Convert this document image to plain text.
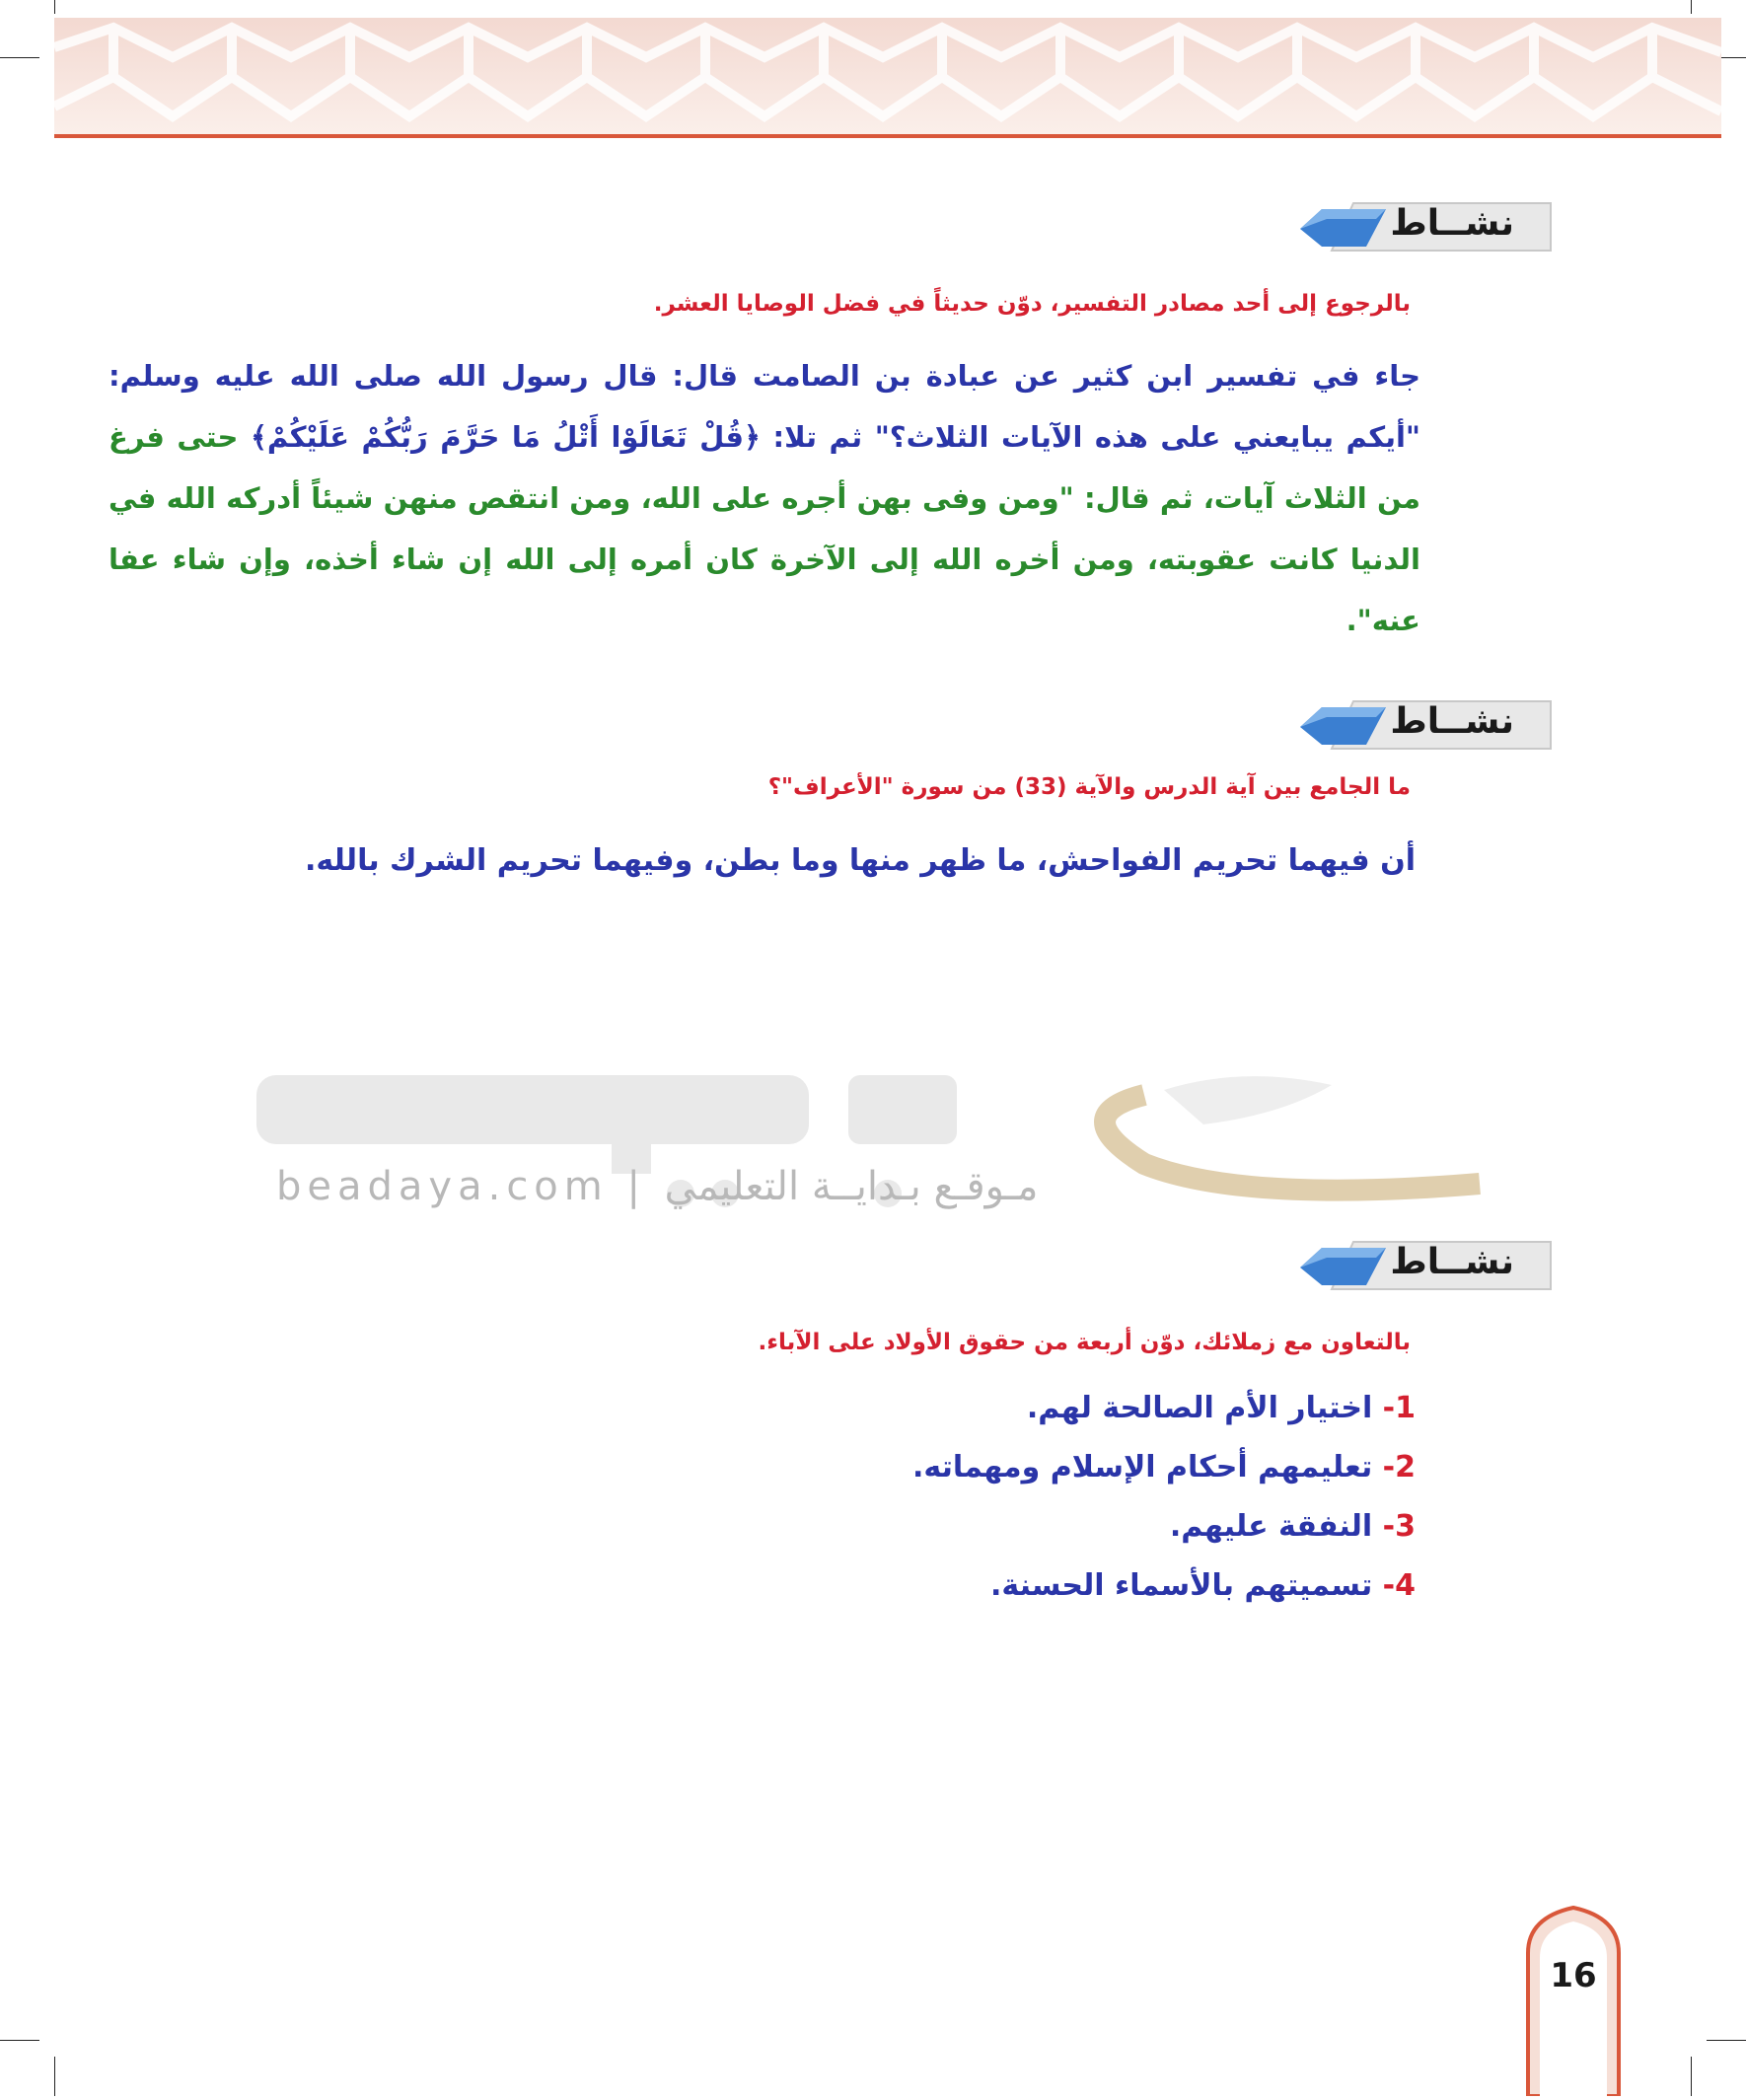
نشــاط
بالرجوع إلى أحد مصادر التفسير، دوّن حديثاً في فضل الوصايا العشر.
جاء في تفسير ابن كثير عن عبادة بن الصامت قال: قال رسول الله صلى الله عليه وسلم: "أيكم يبايعني على هذه الآيات الثلاث؟" ثم تلا: ﴿قُلْ تَعَالَوْا أَتْلُ مَا حَرَّمَ رَبُّكُمْ عَلَيْكُمْ﴾ حتى فرغ من الثلاث آيات، ثم قال: "ومن وفى بهن أجره على الله، ومن انتقص منهن شيئاً أدركه الله في الدنيا كانت عقوبته، ومن أخره الله إلى الآخرة كان أمره إلى الله إن شاء أخذه، وإن شاء عفا عنه".
نشــاط
ما الجامع بين آية الدرس والآية (33) من سورة "الأعراف"؟
أن فيهما تحريم الفواحش، ما ظهر منها وما بطن، وفيهما تحريم الشرك بالله.
beadaya.com | مـوقـع بـدايــة التعليمي
نشــاط
بالتعاون مع زملائك، دوّن أربعة من حقوق الأولاد على الآباء.
1- اختيار الأم الصالحة لهم.
2- تعليمهم أحكام الإسلام ومهماته.
3- النفقة عليهم.
4- تسميتهم بالأسماء الحسنة.
16
